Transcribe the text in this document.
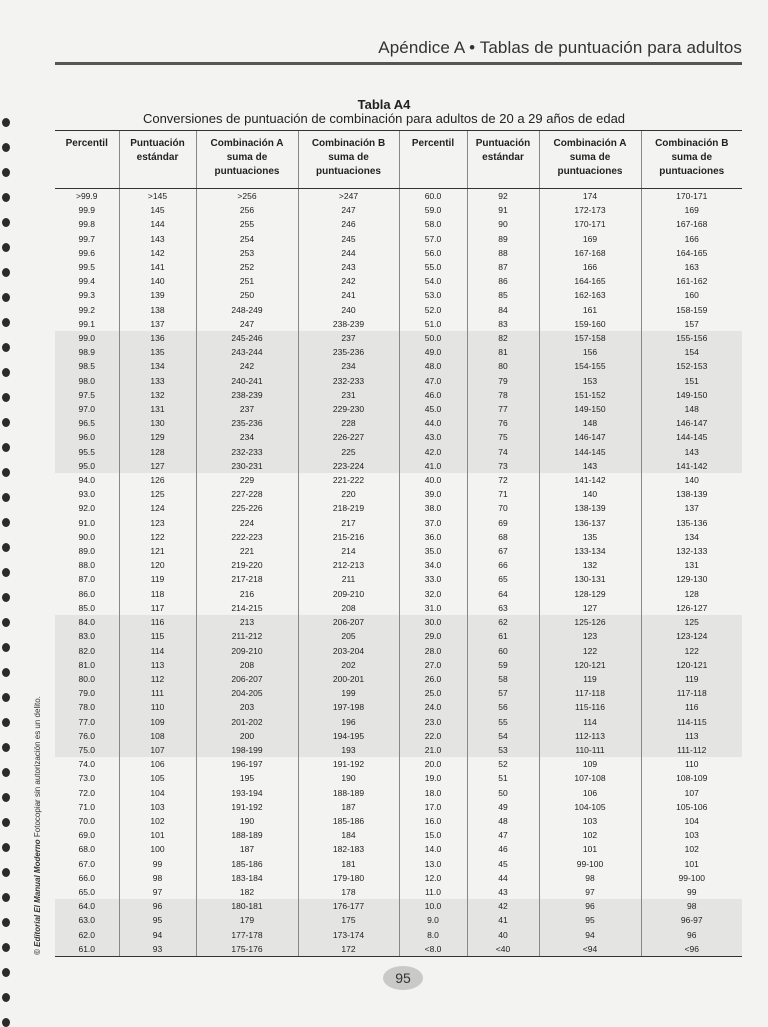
Apéndice A • Tablas de puntuación para adultos
Tabla A4
Conversiones de puntuación de combinación para adultos de 20 a 29 años de edad
Percentil	Puntuación estándar	Combinación A suma de puntuaciones	Combinación B suma de puntuaciones	Percentil	Puntuación estándar	Combinación A suma de puntuaciones	Combinación B suma de puntuaciones
>99.9	>145	>256	>247	60.0	92	174	170-171
99.9	145	256	247	59.0	91	172-173	169
99.8	144	255	246	58.0	90	170-171	167-168
99.7	143	254	245	57.0	89	169	166
99.6	142	253	244	56.0	88	167-168	164-165
99.5	141	252	243	55.0	87	166	163
99.4	140	251	242	54.0	86	164-165	161-162
99.3	139	250	241	53.0	85	162-163	160
99.2	138	248-249	240	52.0	84	161	158-159
99.1	137	247	238-239	51.0	83	159-160	157
99.0	136	245-246	237	50.0	82	157-158	155-156
98.9	135	243-244	235-236	49.0	81	156	154
98.5	134	242	234	48.0	80	154-155	152-153
98.0	133	240-241	232-233	47.0	79	153	151
97.5	132	238-239	231	46.0	78	151-152	149-150
97.0	131	237	229-230	45.0	77	149-150	148
96.5	130	235-236	228	44.0	76	148	146-147
96.0	129	234	226-227	43.0	75	146-147	144-145
95.5	128	232-233	225	42.0	74	144-145	143
95.0	127	230-231	223-224	41.0	73	143	141-142
94.0	126	229	221-222	40.0	72	141-142	140
93.0	125	227-228	220	39.0	71	140	138-139
92.0	124	225-226	218-219	38.0	70	138-139	137
91.0	123	224	217	37.0	69	136-137	135-136
90.0	122	222-223	215-216	36.0	68	135	134
89.0	121	221	214	35.0	67	133-134	132-133
88.0	120	219-220	212-213	34.0	66	132	131
87.0	119	217-218	211	33.0	65	130-131	129-130
86.0	118	216	209-210	32.0	64	128-129	128
85.0	117	214-215	208	31.0	63	127	126-127
84.0	116	213	206-207	30.0	62	125-126	125
83.0	115	211-212	205	29.0	61	123	123-124
82.0	114	209-210	203-204	28.0	60	122	122
81.0	113	208	202	27.0	59	120-121	120-121
80.0	112	206-207	200-201	26.0	58	119	119
79.0	111	204-205	199	25.0	57	117-118	117-118
78.0	110	203	197-198	24.0	56	115-116	116
77.0	109	201-202	196	23.0	55	114	114-115
76.0	108	200	194-195	22.0	54	112-113	113
75.0	107	198-199	193	21.0	53	110-111	111-112
74.0	106	196-197	191-192	20.0	52	109	110
73.0	105	195	190	19.0	51	107-108	108-109
72.0	104	193-194	188-189	18.0	50	106	107
71.0	103	191-192	187	17.0	49	104-105	105-106
70.0	102	190	185-186	16.0	48	103	104
69.0	101	188-189	184	15.0	47	102	103
68.0	100	187	182-183	14.0	46	101	102
67.0	99	185-186	181	13.0	45	99-100	101
66.0	98	183-184	179-180	12.0	44	98	99-100
65.0	97	182	178	11.0	43	97	99
64.0	96	180-181	176-177	10.0	42	96	98
63.0	95	179	175	9.0	41	95	96-97
62.0	94	177-178	173-174	8.0	40	94	96
61.0	93	175-176	172	<8.0	<40	<94	<96
© Editorial El Manual Moderno Fotocopiar sin autorización es un delito.
95
